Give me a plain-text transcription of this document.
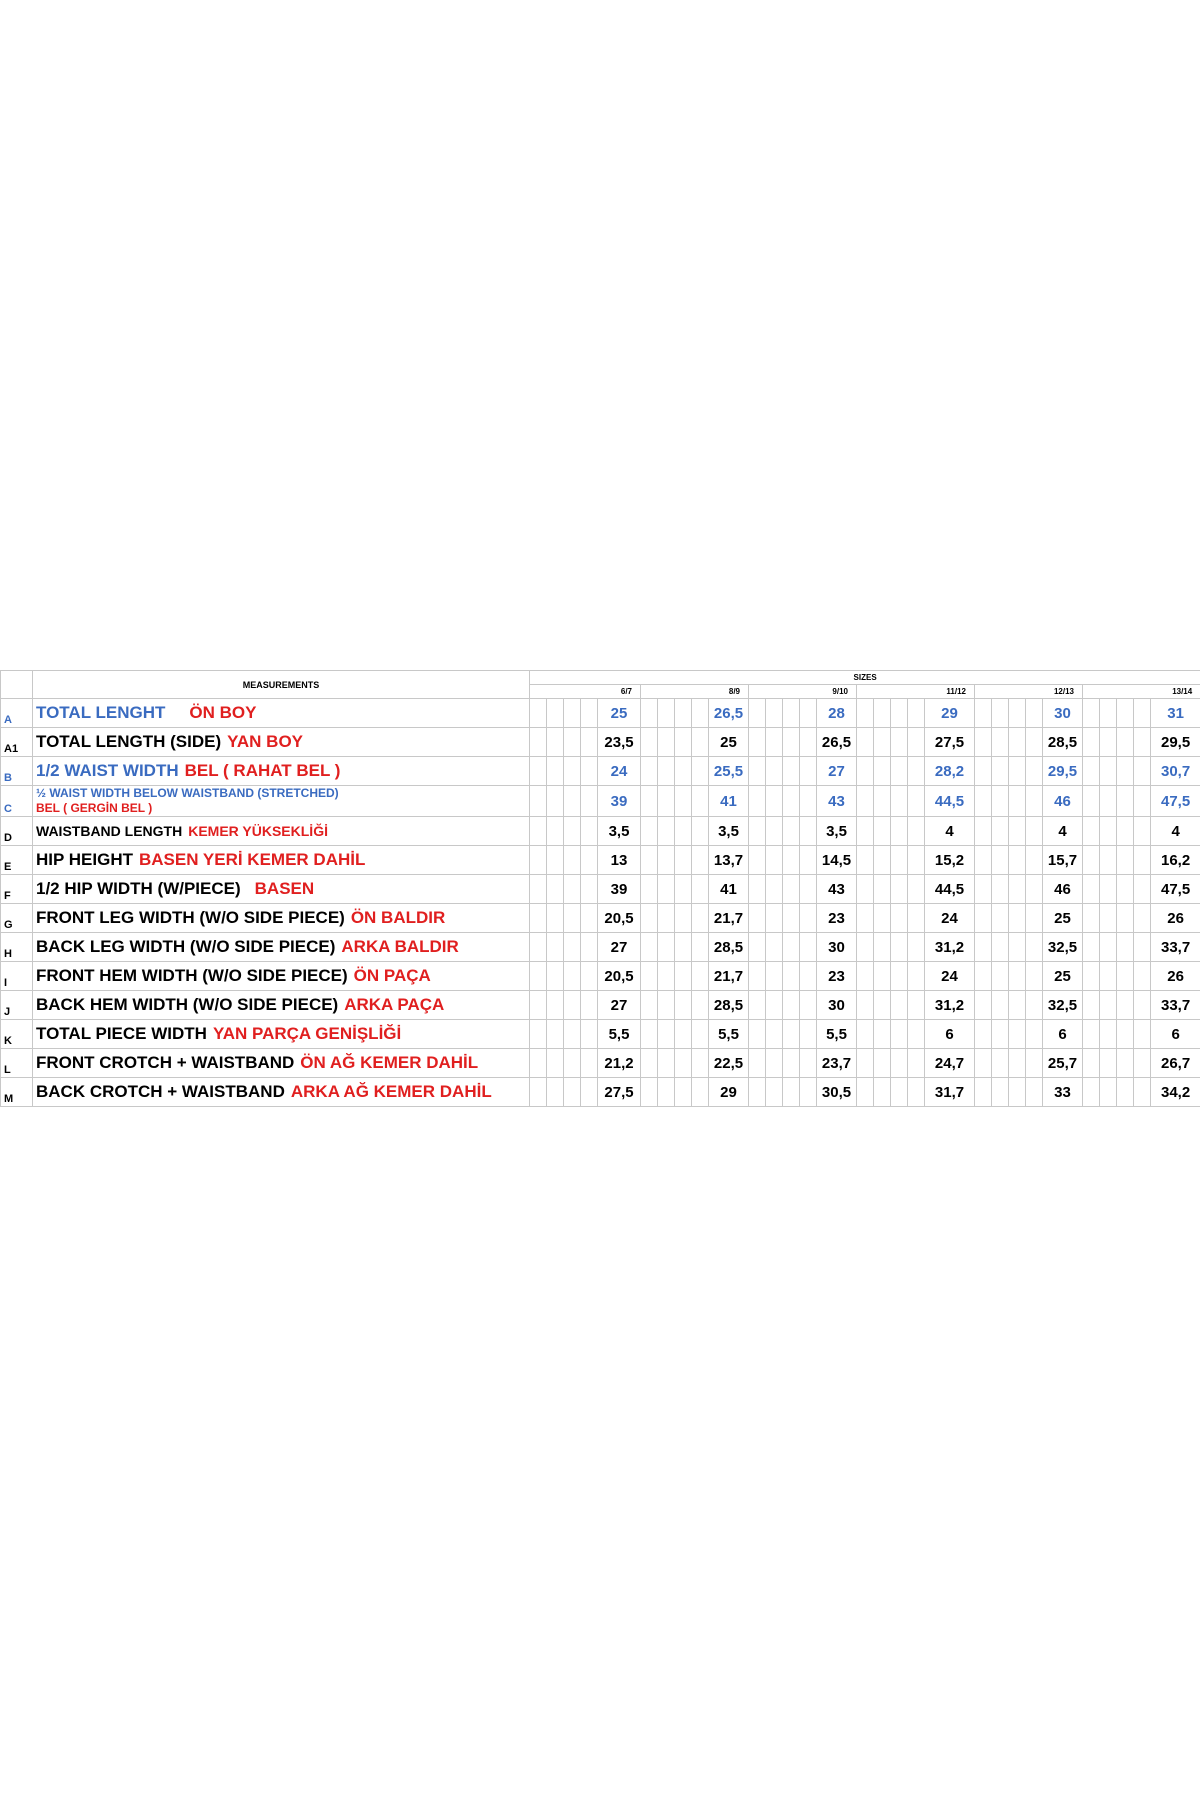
	MEASUREMENTS	SIZES																													
		6/7					8/9					9/10					11/12					12/13					13/14				
A	TOTAL LENGHT ÖN BOY					25					26,5					28					29					30					31
A1	TOTAL LENGTH (SIDE) YAN BOY					23,5					25					26,5					27,5					28,5					29,5
B	1/2 WAIST WIDTH BEL ( RAHAT BEL )					24					25,5					27					28,2					29,5					30,7
C	½ WAIST WIDTH BELOW WAISTBAND (STRETCHED)
BEL ( GERGİN BEL )					39					41					43					44,5					46					47,5
D	WAISTBAND LENGTH KEMER YÜKSEKLİĞİ					3,5					3,5					3,5					4					4					4
E	HIP HEIGHT BASEN YERİ KEMER DAHİL					13					13,7					14,5					15,2					15,7					16,2
F	1/2 HIP WIDTH (W/PIECE) BASEN					39					41					43					44,5					46					47,5
G	FRONT LEG WIDTH (W/O SIDE PIECE) ÖN BALDIR					20,5					21,7					23					24					25					26
H	BACK LEG WIDTH (W/O SIDE PIECE) ARKA BALDIR					27					28,5					30					31,2					32,5					33,7
I	FRONT HEM WIDTH (W/O SIDE PIECE) ÖN PAÇA					20,5					21,7					23					24					25					26
J	BACK HEM WIDTH (W/O SIDE PIECE) ARKA PAÇA					27					28,5					30					31,2					32,5					33,7
K	TOTAL PIECE WIDTH YAN PARÇA GENİŞLİĞİ					5,5					5,5					5,5					6					6					6
L	FRONT CROTCH + WAISTBAND ÖN AĞ KEMER DAHİL					21,2					22,5					23,7					24,7					25,7					26,7
M	BACK CROTCH + WAISTBAND ARKA AĞ KEMER DAHİL					27,5					29					30,5					31,7					33					34,2
